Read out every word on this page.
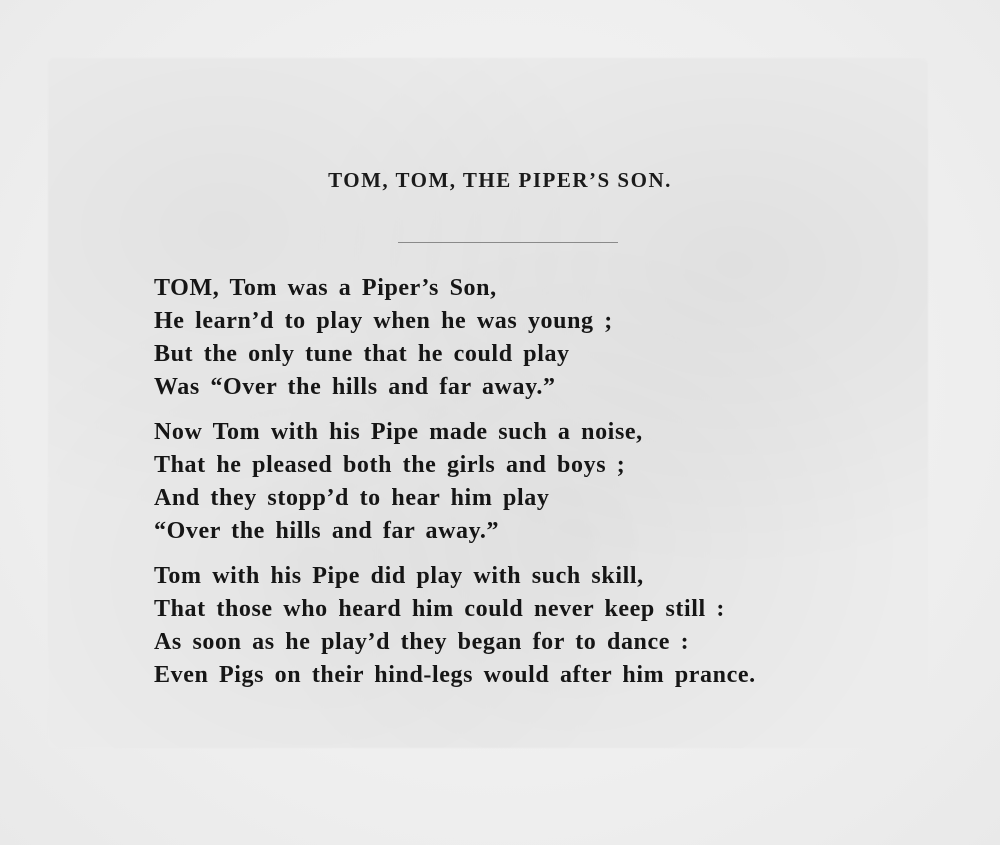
TOM, TOM, THE PIPER’S SON.
TOM, Tom was a Piper’s Son,
He learn’d to play when he was young ;
But the only tune that he could play
Was “Over the hills and far away.”
Now Tom with his Pipe made such a noise,
That he pleased both the girls and boys ;
And they stopp’d to hear him play
“Over the hills and far away.”
Tom with his Pipe did play with such skill,
That those who heard him could never keep still :
As soon as he play’d they began for to dance :
Even Pigs on their hind-legs would after him prance.
